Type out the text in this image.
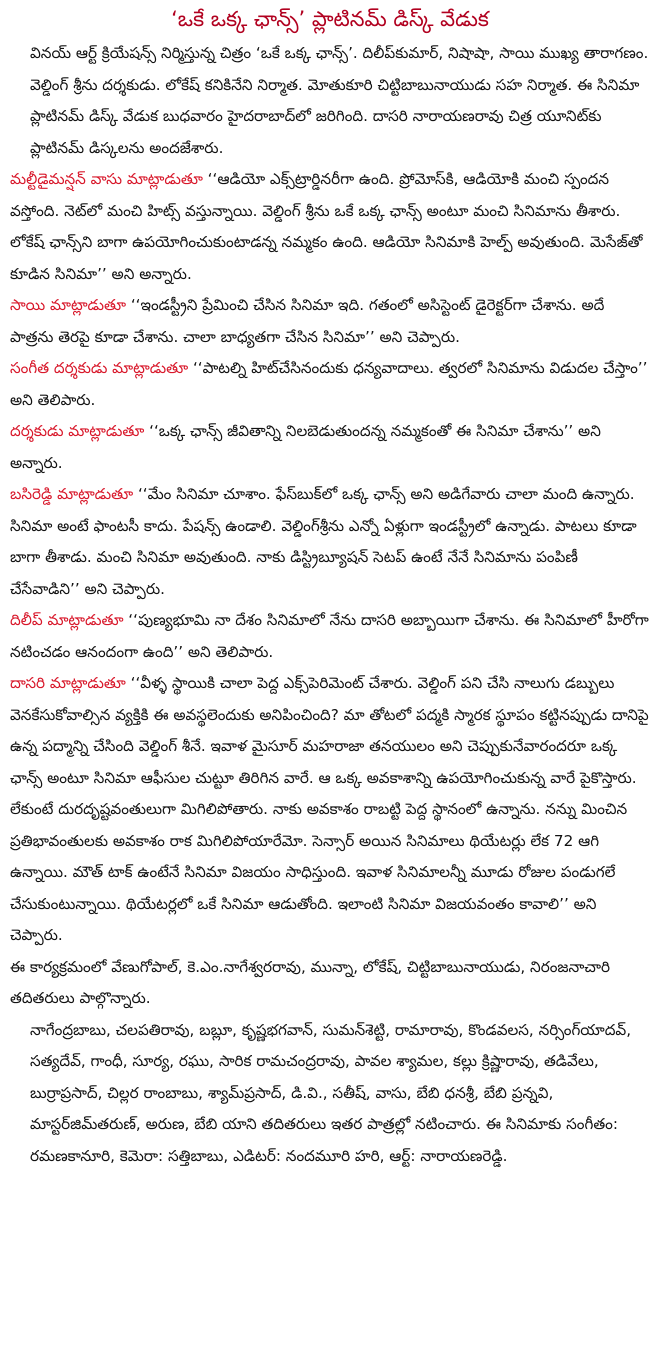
‘ఒకే ఒక్క ఛాన్స్’ ప్లాటినమ్ డిస్క్ వేడుక

వినయ్ ఆర్ట్ క్రియేషన్స్ నిర్మిస్తున్న చిత్రం ‘ఒకే ఒక్క ఛాన్స్’. దిలీప్‌కుమార్, నిషాషా, సాయి ముఖ్య తారాగణం. వెల్డింగ్ శ్రీను దర్శకుడు. లోకేష్ కనికినేని నిర్మాత. మోతుకూరి చిట్టిబాబునాయుడు సహ నిర్మాత. ఈ సినిమా ప్లాటినమ్ డిస్క్ వేడుక బుధవారం హైదరాబాద్‌లో జరిగింది. దాసరి నారాయణరావు చిత్ర యూనిట్‌కు ప్లాటినమ్ డిస్కలను అందజేశారు.

మల్టీడైమన్షన్ వాసు మాట్లాడుతూ ‘‘ఆడియో ఎక్స్‌ట్రార్డినరీగా ఉంది. ప్రోమోస్‌కి, ఆడియోకి మంచి స్పందన వస్తోంది. నెట్‌లో మంచి హిట్స్ వస్తున్నాయి. వెల్డింగ్ శ్రీను ఒకే ఒక్క ఛాన్స్ అంటూ మంచి సినిమాను తీశారు. లోకేష్ ఛాన్స్‌ని బాగా ఉపయోగించుకుంటాడన్న నమ్మకం ఉంది. ఆడియో సినిమాకి హెల్ప్ అవుతుంది. మెసేజ్‌తో కూడిన సినిమా’’ అని అన్నారు.

సాయి మాట్లాడుతూ ‘‘ఇండస్ట్రీని ప్రేమించి చేసిన సినిమా ఇది. గతంలో అసిస్టెంట్ డైరెక్టర్‌గా చేశాను. అదే పాత్రను తెరపై కూడా చేశాను. చాలా బాధ్యతగా చేసిన సినిమా’’ అని చెప్పారు.

సంగీత దర్శకుడు మాట్లాడుతూ ‘‘పాటల్ని హిట్‌చేసినందుకు ధన్యవాదాలు. త్వరలో సినిమాను విడుదల చేస్తాం’’ అని తెలిపారు.

దర్శకుడు మాట్లాడుతూ ‘‘ఒక్క ఛాన్స్ జీవితాన్ని నిలబెడుతుందన్న నమ్మకంతో ఈ సినిమా చేశాను’’ అని అన్నారు.

బసిరెడ్డి మాట్లాడుతూ ‘‘మేం సినిమా చూశాం. ఫేస్‌బుక్‌లో ఒక్క ఛాన్స్ అని అడిగేవారు చాలా మంది ఉన్నారు. సినిమా అంటే ఫాంటసీ కాదు. పేషన్స్ ఉండాలి. వెల్డింగ్‌శ్రీను ఎన్నో ఏళ్లుగా ఇండస్ట్రీలో ఉన్నాడు. పాటలు కూడా బాగా తీశాడు. మంచి సినిమా అవుతుంది. నాకు డిస్ట్రిబ్యూషన్ సెటప్ ఉంటే నేనే సినిమాను పంపిణీ చేసేవాడిని’’ అని చెప్పారు.

దిలీప్ మాట్లాడుతూ ‘‘పుణ్యభూమి నా దేశం సినిమాలో నేను దాసరి అబ్బాయిగా చేశాను. ఈ సినిమాలో హీరోగా నటించడం ఆనందంగా ఉంది’’ అని తెలిపారు.

దాసరి మాట్లాడుతూ ‘‘వీళ్ళ స్థాయికి చాలా పెద్ద ఎక్స్‌పెరిమెంట్ చేశారు. వెల్డింగ్ పని చేసి నాలుగు డబ్బులు వెనకేసుకోవాల్సిన వ్యక్తికి ఈ అవస్థలెందుకు అనిపించింది? మా తోటలో పద్మకి స్మారక స్థూపం కట్టినప్పుడు దానిపై ఉన్న పద్మాన్ని చేసింది వెల్డింగ్ శీనే. ఇవాళ మైసూర్ మహరాజా తనయులం అని చెప్పుకునేవారందరూ ఒక్క ఛాన్స్ అంటూ సినిమా ఆఫీసుల చుట్టూ తిరిగిన వారే. ఆ ఒక్క అవకాశాన్ని ఉపయోగించుకున్న వారే పైకొస్తారు. లేకుంటే దురదృష్టవంతులుగా మిగిలిపోతారు. నాకు అవకాశం రాబట్టి పెద్ద స్థానంలో ఉన్నాను. నన్ను మించిన ప్రతిభావంతులకు అవకాశం రాక మిగిలిపోయారేమో. సెన్సార్ అయిన సినిమాలు థియేటర్లు లేక 72 ఆగి ఉన్నాయి. మౌత్ టాక్ ఉంటేనే సినిమా విజయం సాధిస్తుంది. ఇవాళ సినిమాలన్నీ మూడు రోజుల పండుగలే చేసుకుంటున్నాయి. థియేటర్లలో ఒకే సినిమా ఆడుతోంది. ఇలాంటి సినిమా విజయవంతం కావాలి’’ అని చెప్పారు.

ఈ కార్యక్రమంలో వేణుగోపాల్, కె.ఎం.నాగేశ్వరరావు, మున్నా, లోకేష్, చిట్టిబాబునాయుడు, నిరంజనాచారి తదితరులు పాల్గొన్నారు.

నాగేంద్రబాబు, చలపతిరావు, బబ్లూ, కృష్ణభగవాన్, సుమన్‌శెట్టి, రామారావు, కొండవలస, నర్సింగ్‌యాదవ్, సత్యదేవ్, గాంధీ, సూర్య, రఘు, సారిక రామచంద్రరావు, పావల శ్యామల, కల్లు క్రిష్ణారావు, తడివేలు, బుర్రాప్రసాద్, చిల్లర రాంబాబు, శ్యామ్‌ప్రసాద్, డి.వి., సతీష్, వాసు, బేబి ధనశ్రీ, బేబి ప్రన్నవి, మాస్టర్‌జిమ్‌తరుణ్, అరుణ, బేబి యాని తదితరులు ఇతర పాత్రల్లో నటించారు. ఈ సినిమాకు సంగీతం: రమణకానూరి, కెమెరా: సత్తిబాబు, ఎడిటర్: నందమూరి హరి, ఆర్ట్: నారాయణరెడ్డి.
